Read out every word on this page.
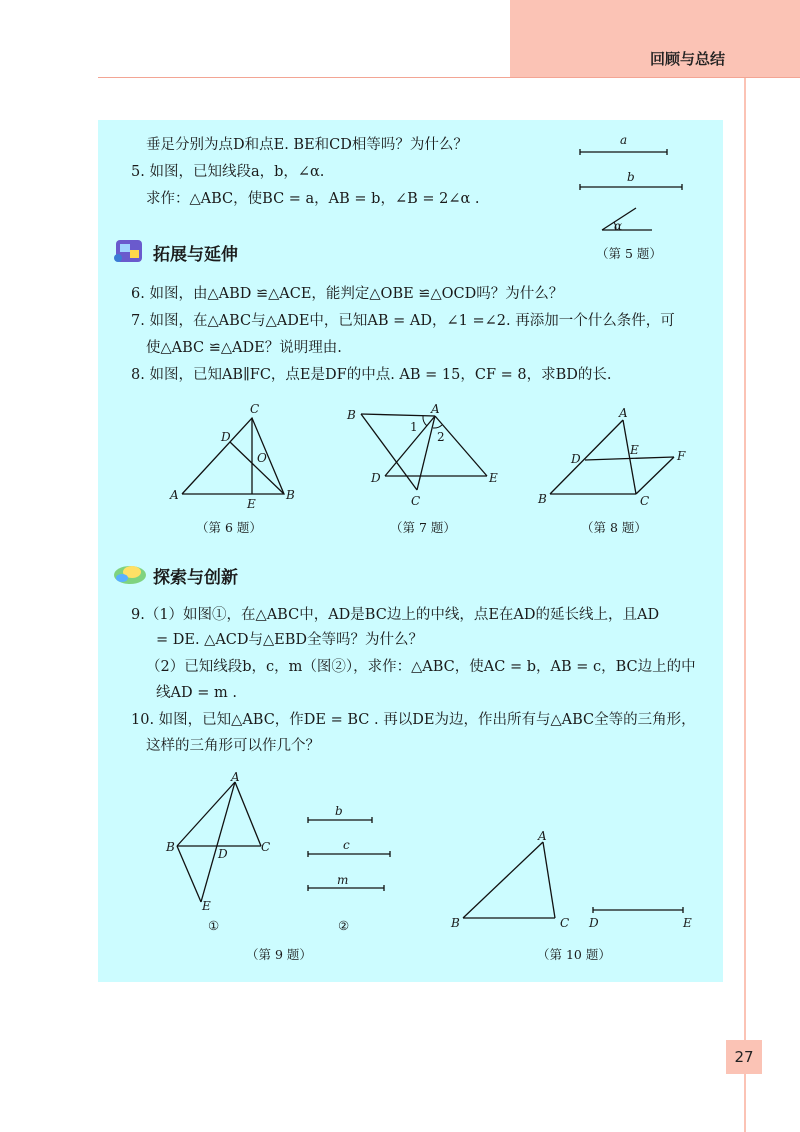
回顾与总结
垂足分别为点D和点E. BE和CD相等吗？为什么？
5. 如图，已知线段a，b，∠α.
求作：△ABC，使BC = a，AB = b，∠B = 2∠α .
a
b
α
（第 5 题）
拓展与延伸
6. 如图，由△ABD ≌△ACE，能判定△OBE ≌△OCD吗？为什么？
7. 如图，在△ABC与△ADE中，已知AB = AD，∠1 =∠2. 再添加一个什么条件，可
使△ABC ≌△ADE？说明理由.
8. 如图，已知AB∥FC，点E是DF的中点. AB = 15，CF = 8，求BD的长.
C
D
O
A
E
B
（第 6 题）
B	A
1
2
D	E
C
（第 7 题）
A
D
E	F
B	C
（第 8 题）
探索与创新
9.（1）如图①，在△ABC中，AD是BC边上的中线，点E在AD的延长线上，且AD
= DE. △ACD与△EBD全等吗？为什么？
（2）已知线段b，c，m（图②），求作：△ABC，使AC = b，AB = c，BC边上的中
线AD = m .
10. 如图，已知△ABC，作DE = BC . 再以DE为边，作出所有与△ABC全等的三角形，
这样的三角形可以作几个？
A
B	C
D
E
①
b
c
m
②
（第 9 题）
A
B	C D	E
（第 10 题）
27
